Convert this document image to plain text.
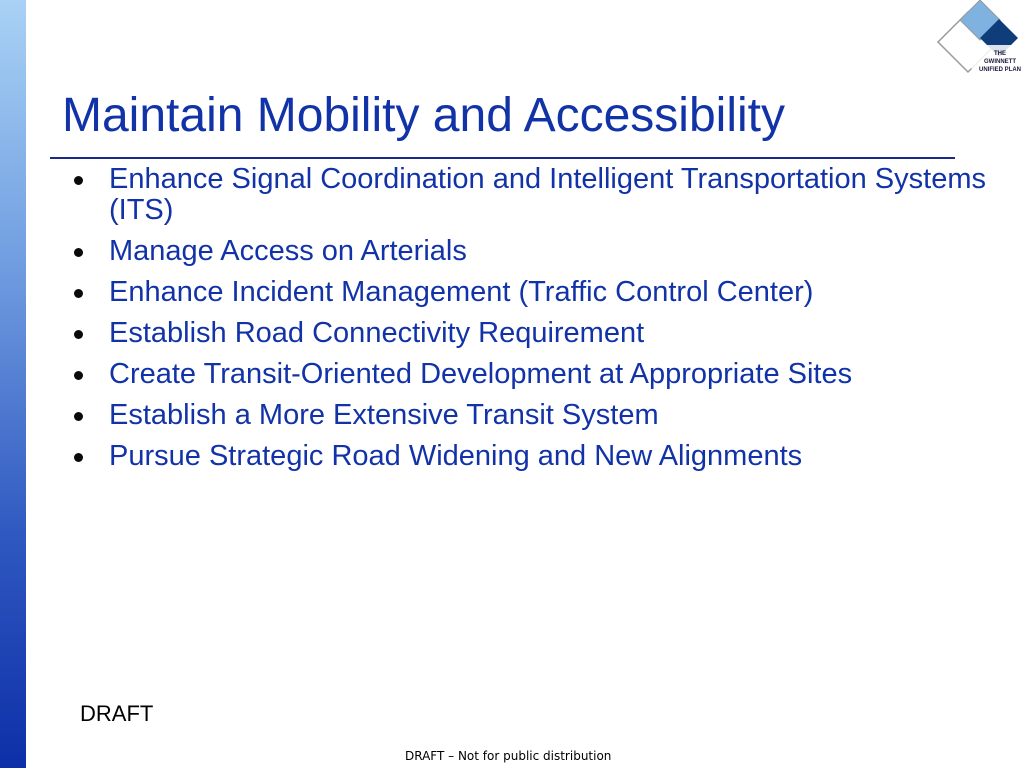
THE
GWINNETT
UNIFIED PLAN
Maintain Mobility and Accessibility
Enhance Signal Coordination and Intelligent Transportation Systems (ITS)
Manage Access on Arterials
Enhance Incident Management (Traffic Control Center)
Establish Road Connectivity Requirement
Create Transit-Oriented Development at Appropriate Sites
Establish a More Extensive Transit System
Pursue Strategic Road Widening and New Alignments
DRAFT
DRAFT – Not for public distribution
